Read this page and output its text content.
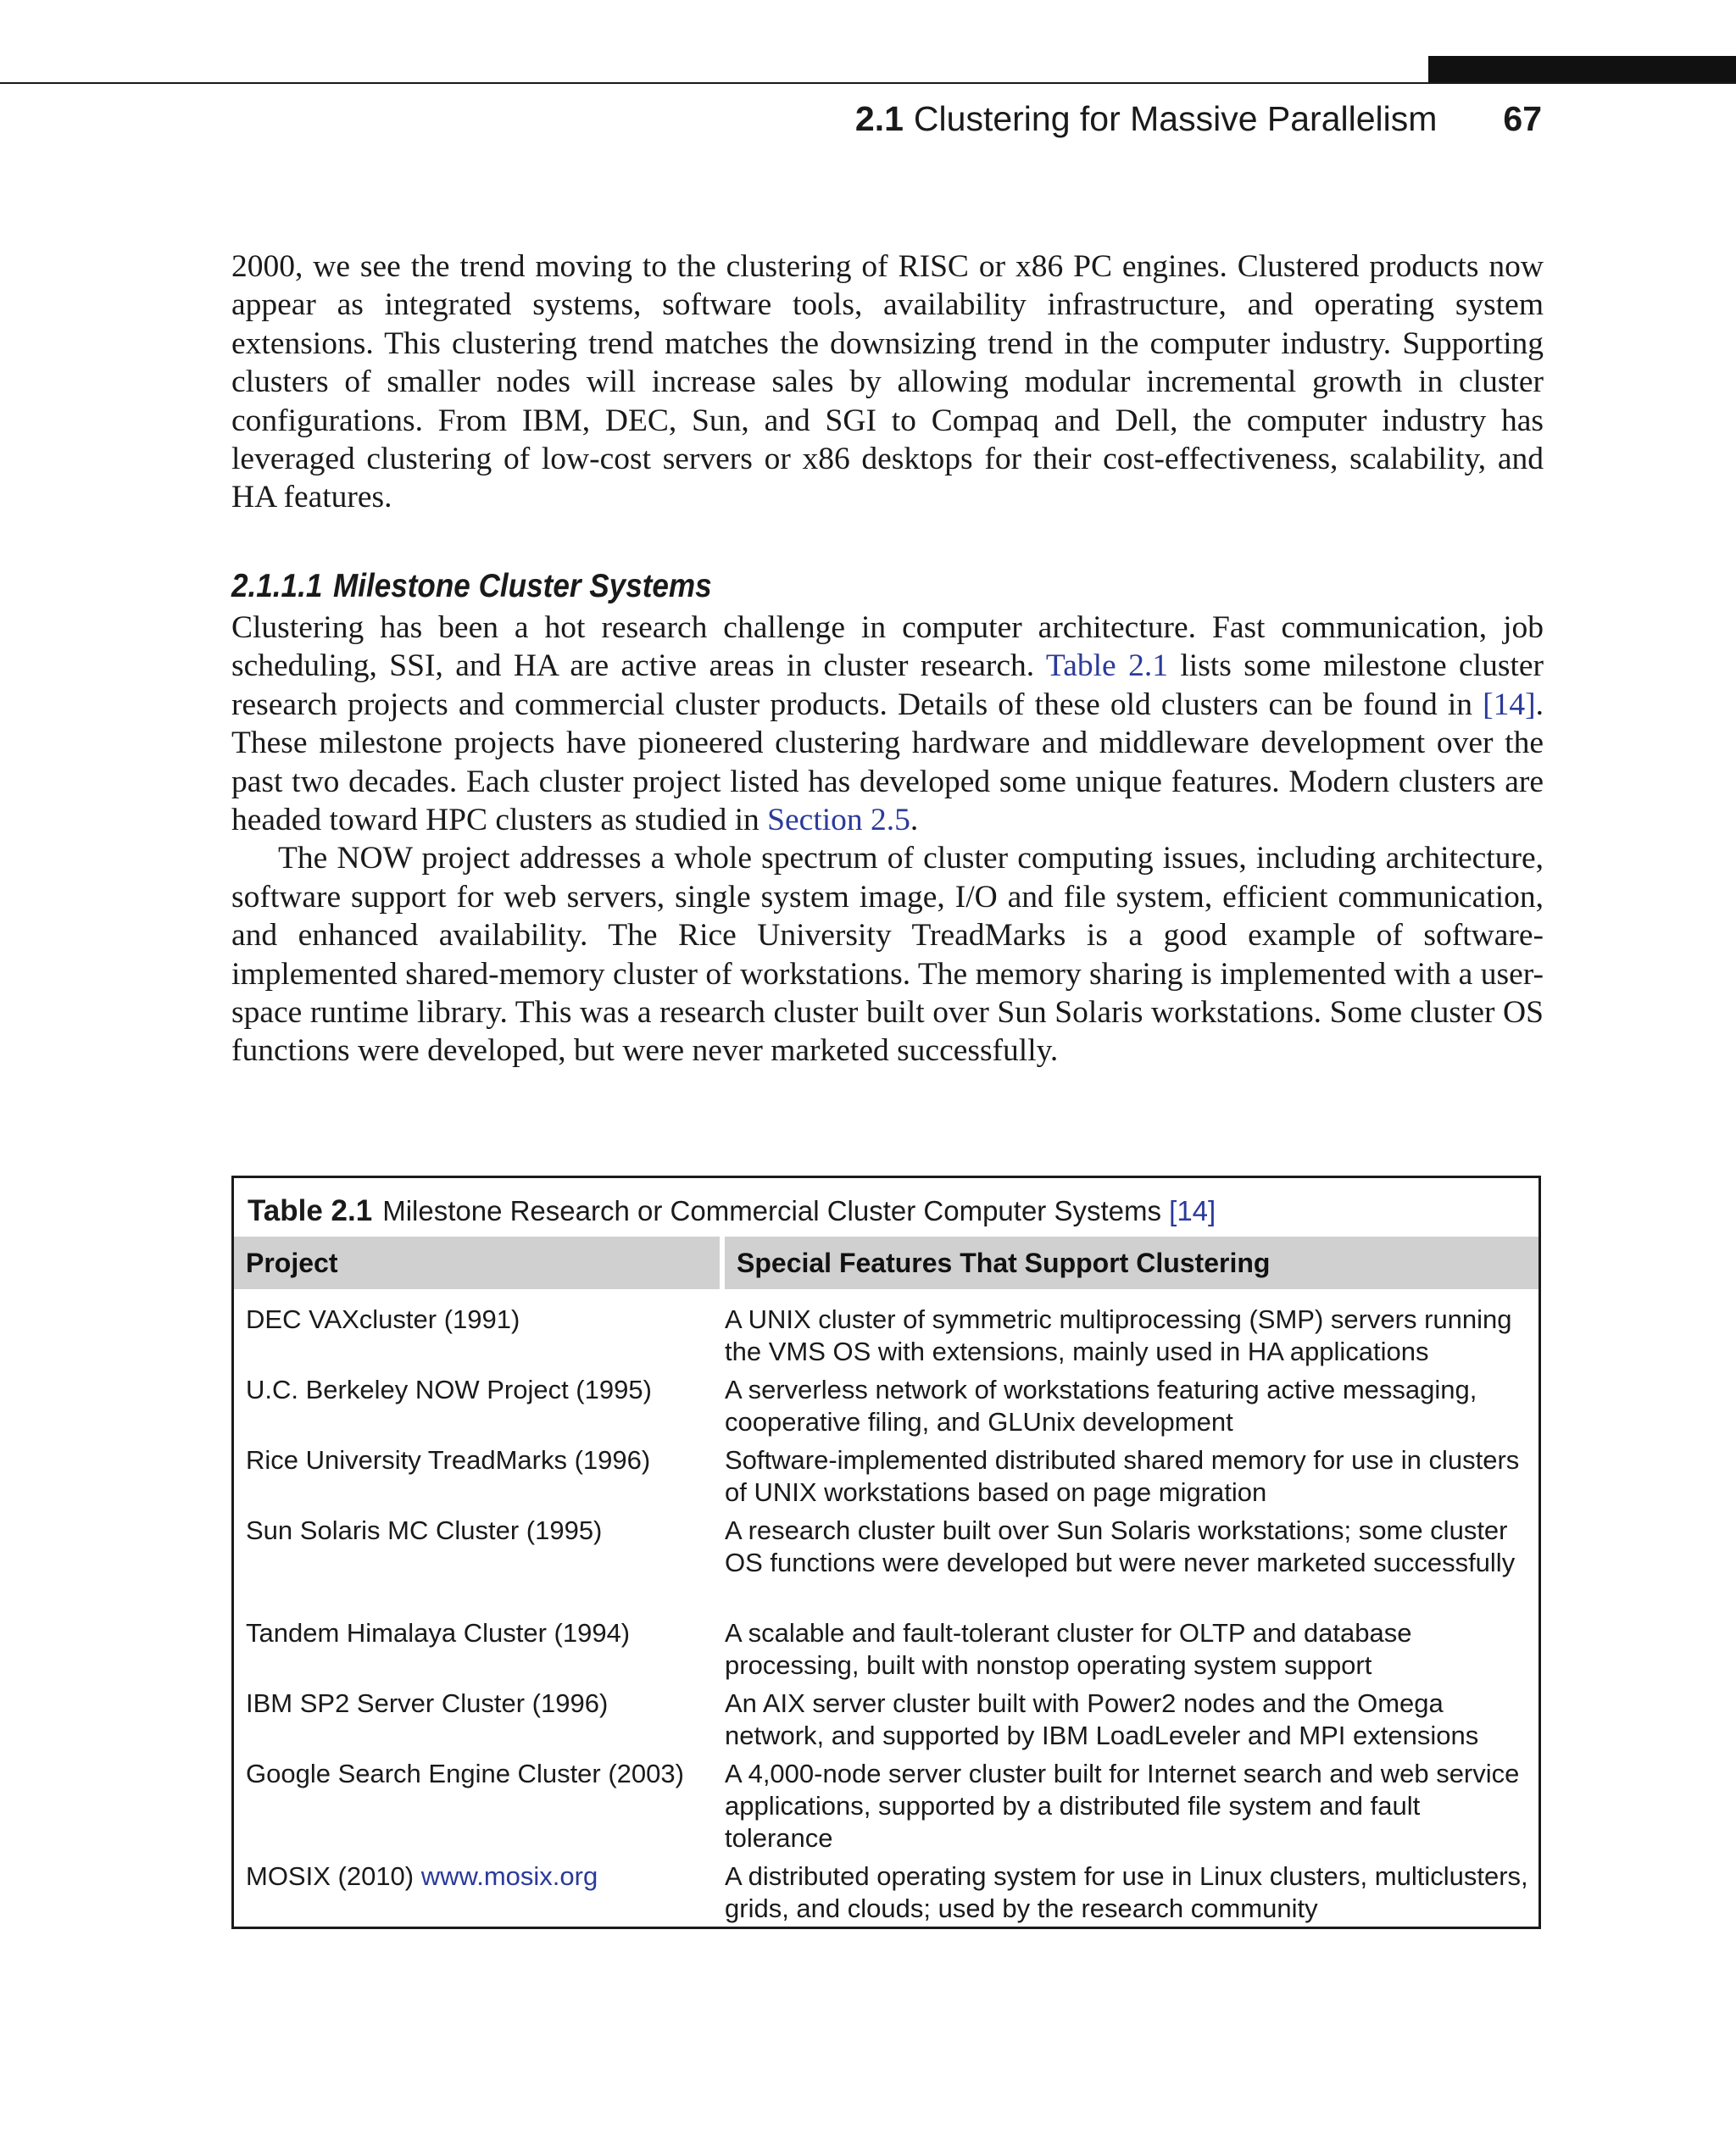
2.1 Clustering for Massive Parallelism 67

2000, we see the trend moving to the clustering of RISC or x86 PC engines. Clustered products now appear as integrated systems, software tools, availability infrastructure, and operating system extensions. This clustering trend matches the downsizing trend in the computer industry. Supporting clusters of smaller nodes will increase sales by allowing modular incremental growth in cluster configurations. From IBM, DEC, Sun, and SGI to Compaq and Dell, the computer industry has leveraged clustering of low-cost servers or x86 desktops for their cost-effectiveness, scalability, and HA features.

2.1.1.1 Milestone Cluster Systems

Clustering has been a hot research challenge in computer architecture. Fast communication, job scheduling, SSI, and HA are active areas in cluster research. Table 2.1 lists some milestone cluster research projects and commercial cluster products. Details of these old clusters can be found in [14]. These milestone projects have pioneered clustering hardware and middleware development over the past two decades. Each cluster project listed has developed some unique features. Modern clusters are headed toward HPC clusters as studied in Section 2.5.

The NOW project addresses a whole spectrum of cluster computing issues, including architecture, software support for web servers, single system image, I/O and file system, efficient communication, and enhanced availability. The Rice University TreadMarks is a good example of software-implemented shared-memory cluster of workstations. The memory sharing is implemented with a user-space runtime library. This was a research cluster built over Sun Solaris workstations. Some cluster OS functions were developed, but were never marketed successfully.

Table 2.1 Milestone Research or Commercial Cluster Computer Systems [14]
Project	Special Features That Support Clustering
DEC VAXcluster (1991)	A UNIX cluster of symmetric multiprocessing (SMP) servers running the VMS OS with extensions, mainly used in HA applications
U.C. Berkeley NOW Project (1995)	A serverless network of workstations featuring active messaging, cooperative filing, and GLUnix development
Rice University TreadMarks (1996)	Software-implemented distributed shared memory for use in clusters of UNIX workstations based on page migration
Sun Solaris MC Cluster (1995)	A research cluster built over Sun Solaris workstations; some cluster OS functions were developed but were never marketed successfully
Tandem Himalaya Cluster (1994)	A scalable and fault-tolerant cluster for OLTP and database processing, built with nonstop operating system support
IBM SP2 Server Cluster (1996)	An AIX server cluster built with Power2 nodes and the Omega network, and supported by IBM LoadLeveler and MPI extensions
Google Search Engine Cluster (2003)	A 4,000-node server cluster built for Internet search and web service applications, supported by a distributed file system and fault tolerance
MOSIX (2010) www.mosix.org	A distributed operating system for use in Linux clusters, multiclusters, grids, and clouds; used by the research community
